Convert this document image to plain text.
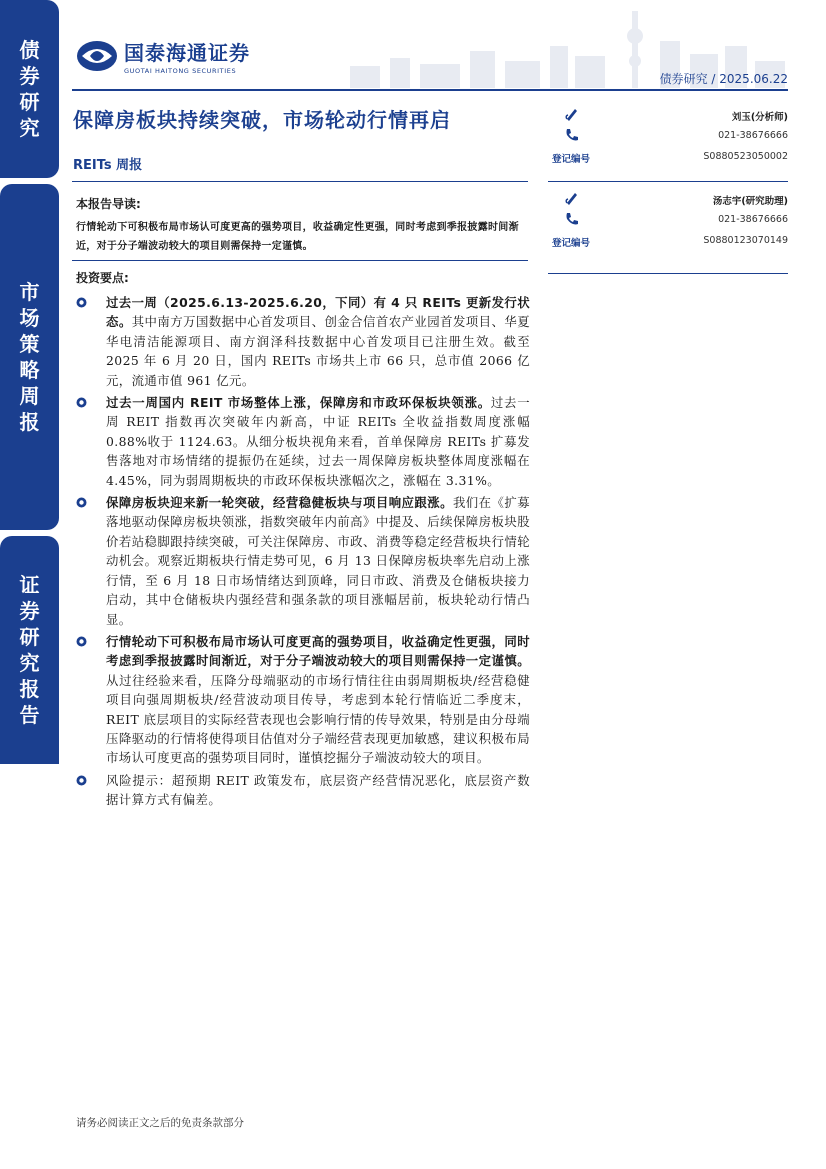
债
券
研
究
市
场
策
略
周
报
证
券
研
究
报
告
国泰海通证券
GUOTAI HAITONG SECURITIES
债券研究 / 2025.06.22
保障房板块持续突破，市场轮动行情再启
REITs 周报
本报告导读:
行情轮动下可积极布局市场认可度更高的强势项目，收益确定性更强，同时考虑到季报披露时间渐近，对于分子端波动较大的项目则需保持一定谨慎。
投资要点:
过去一周（2025.6.13-2025.6.20，下同）有 4 只 REITs 更新发行状态。其中南方万国数据中心首发项目、创金合信首农产业园首发项目、华夏华电清洁能源项目、南方润泽科技数据中心首发项目已注册生效。截至 2025 年 6 月 20 日，国内 REITs 市场共上市 66 只，总市值 2066 亿元，流通市值 961 亿元。
过去一周国内 REIT 市场整体上涨，保障房和市政环保板块领涨。过去一周 REIT 指数再次突破年内新高，中证 REITs 全收益指数周度涨幅 0.88%收于 1124.63。从细分板块视角来看，首单保障房 REITs 扩募发售落地对市场情绪的提振仍在延续，过去一周保障房板块整体周度涨幅在 4.45%，同为弱周期板块的市政环保板块涨幅次之，涨幅在 3.31%。
保障房板块迎来新一轮突破，经营稳健板块与项目响应跟涨。我们在《扩募落地驱动保障房板块领涨，指数突破年内前高》中提及、后续保障房板块股价若站稳脚跟持续突破，可关注保障房、市政、消费等稳定经营板块行情轮动机会。观察近期板块行情走势可见，6 月 13 日保障房板块率先启动上涨行情，至 6 月 18 日市场情绪达到顶峰，同日市政、消费及仓储板块接力启动，其中仓储板块内强经营和强条款的项目涨幅居前，板块轮动行情凸显。
行情轮动下可积极布局市场认可度更高的强势项目，收益确定性更强，同时考虑到季报披露时间渐近，对于分子端波动较大的项目则需保持一定谨慎。从过往经验来看，压降分母端驱动的市场行情往往由弱周期板块/经营稳健项目向强周期板块/经营波动项目传导，考虑到本轮行情临近二季度末，REIT 底层项目的实际经营表现也会影响行情的传导效果，特别是由分母端压降驱动的行情将使得项目估值对分子端经营表现更加敏感，建议积极布局市场认可度更高的强势项目同时，谨慎挖掘分子端波动较大的项目。
风险提示：超预期 REIT 政策发布，底层资产经营情况恶化，底层资产数据计算方式有偏差。
刘玉(分析师)
021-38676666
登记编号	S0880523050002
汤志宇(研究助理)
021-38676666
登记编号	S0880123070149
请务必阅读正文之后的免责条款部分
